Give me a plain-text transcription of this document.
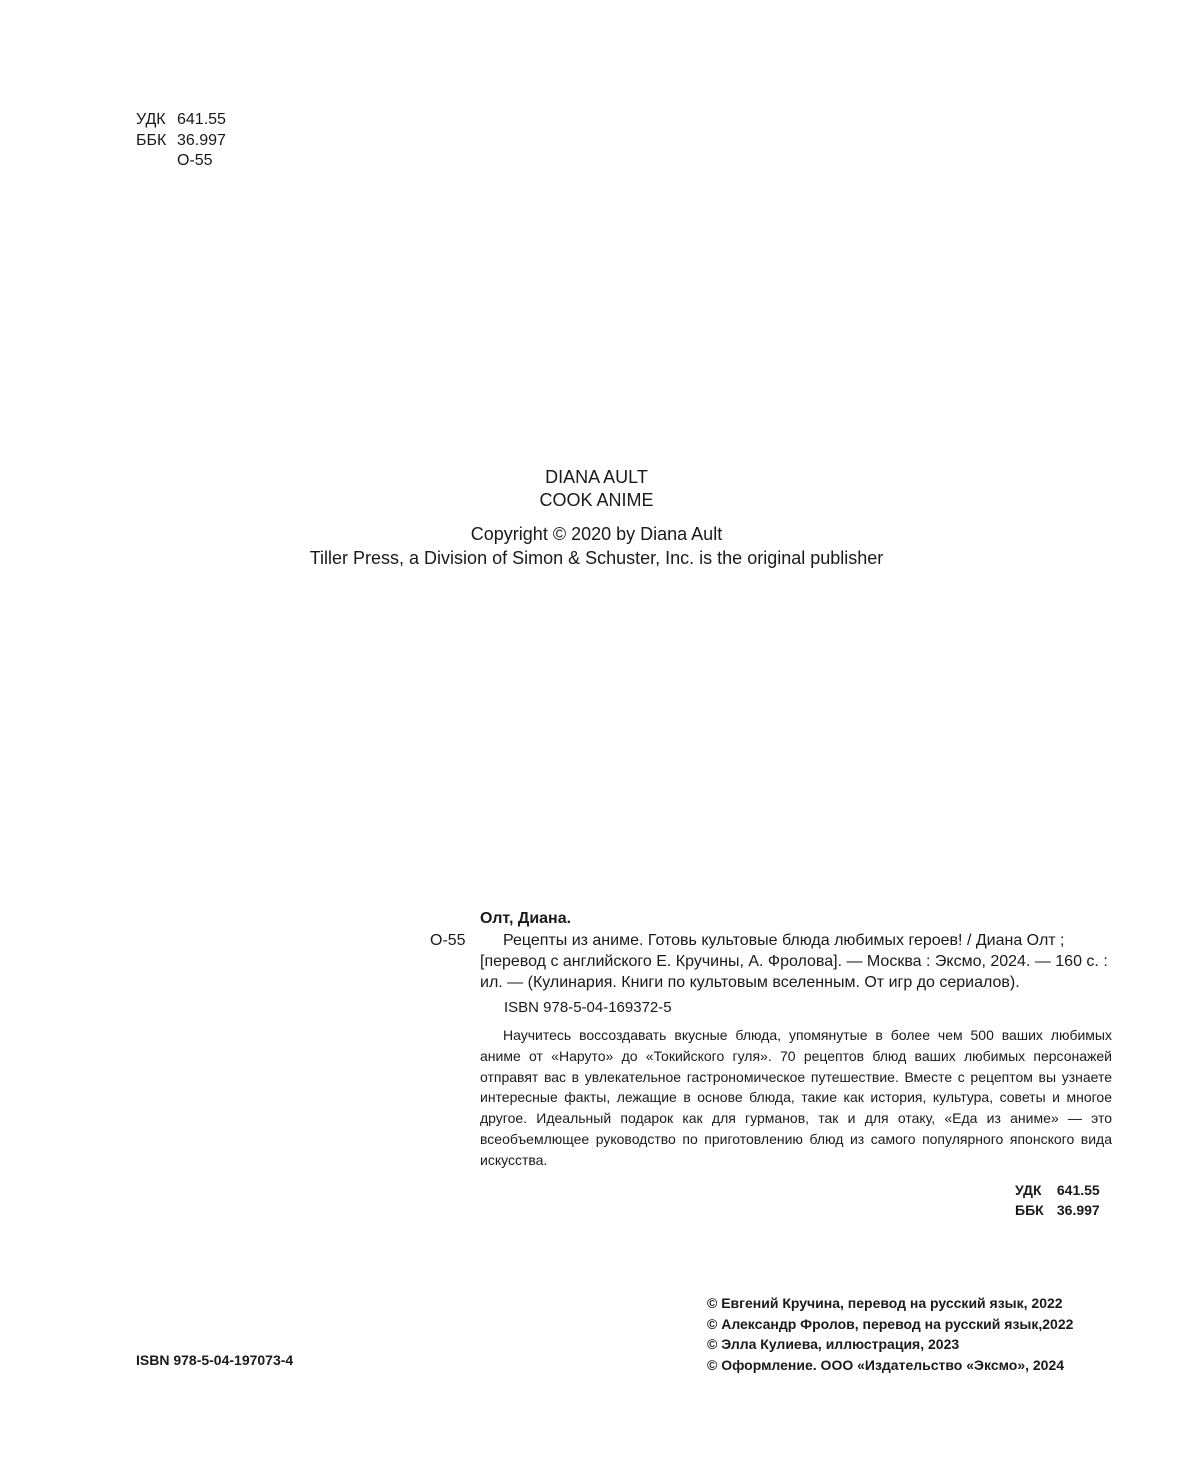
УДК 641.55
ББК 36.997
О-55
DIANA AULT
COOK ANIME
Copyright © 2020 by Diana Ault
Tiller Press, a Division of Simon & Schuster, Inc. is the original publisher
Олт, Диана.
О-55	Рецепты из аниме. Готовь культовые блюда любимых героев! / Диана Олт ; [перевод с английского Е. Кручины, А. Фролова]. — Москва : Эксмо, 2024. — 160 с. : ил. — (Кулинария. Книги по культовым вселенным. От игр до сериалов).

ISBN 978-5-04-169372-5

Научитесь воссоздавать вкусные блюда, упомянутые в более чем 500 ваших любимых аниме от «Наруто» до «Токийского гуля». 70 рецептов блюд ваших любимых персонажей отправят вас в увлекательное гастрономическое путешествие. Вместе с рецептом вы узнаете интересные факты, лежащие в основе блюда, такие как история, культура, советы и многое другое. Идеальный подарок как для гурманов, так и для отаку, «Еда из аниме» — это всеобъемлющее руководство по приготовлению блюд из самого популярного японского вида искусства.

УДК 641.55
ББК 36.997
ISBN 978-5-04-197073-4
© Евгений Кручина, перевод на русский язык, 2022
© Александр Фролов, перевод на русский язык,2022
© Элла Кулиева, иллюстрация, 2023
© Оформление. ООО «Издательство «Эксмо», 2024
